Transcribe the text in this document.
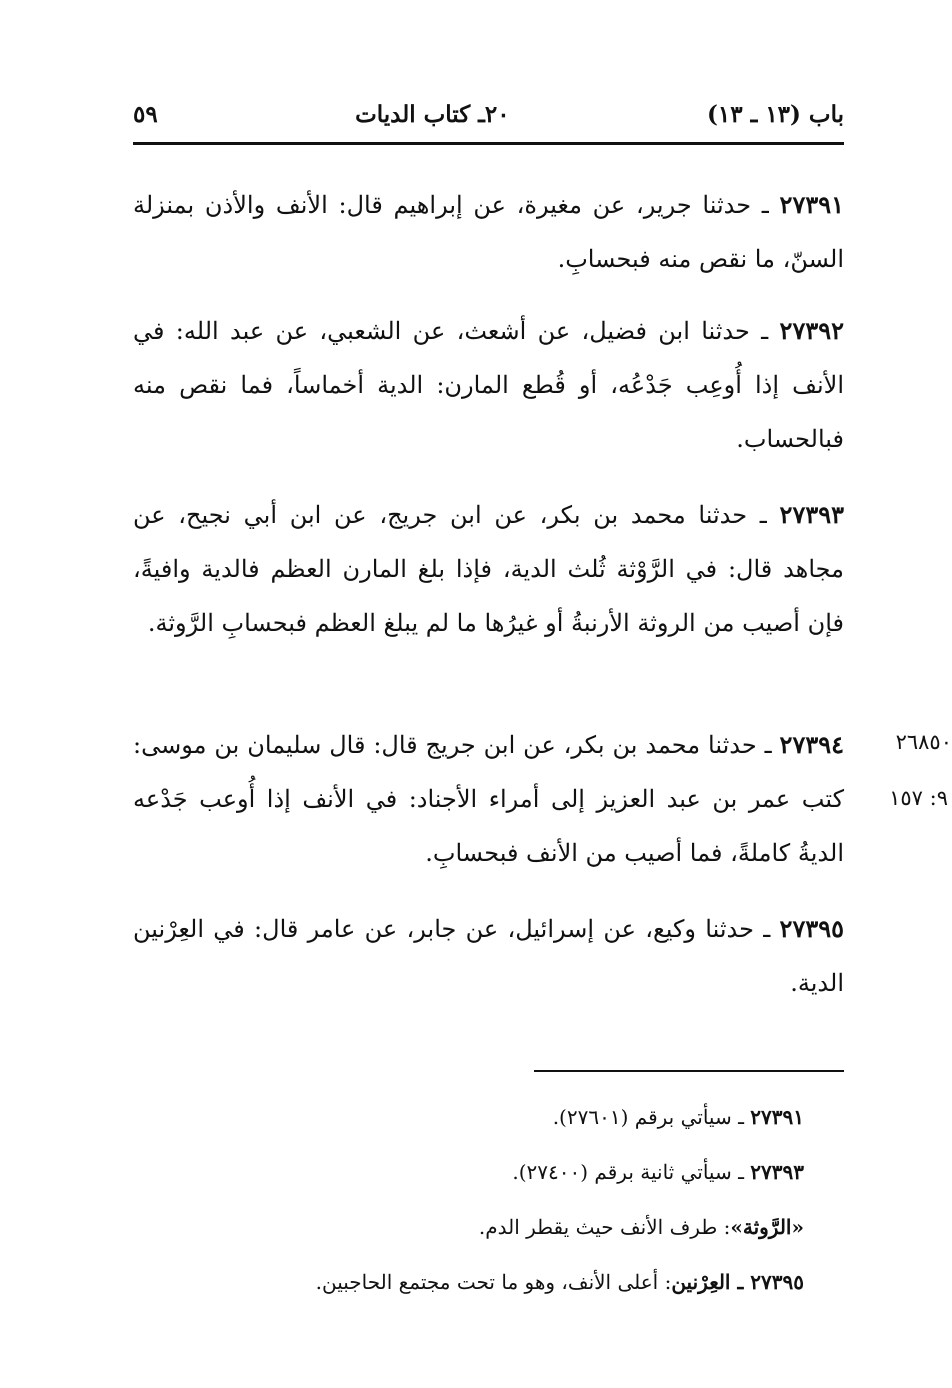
باب (١٣ ـ ١٣)
٢٠ـ كتاب الديات
٥٩
٢٧٣٩١ ـ حدثنا جرير، عن مغيرة، عن إبراهيم قال: الأنف والأذن بمنزلة السنّ، ما نقص منه فبحسابِ.
٢٧٣٩٢ ـ حدثنا ابن فضيل، عن أشعث، عن الشعبي، عن عبد الله: في الأنف إذا أُوعِب جَدْعُه، أو قُطع المارن: الدية أخماساً، فما نقص منه فبالحساب.
٢٧٣٩٣ ـ حدثنا محمد بن بكر، عن ابن جريج، عن ابن أبي نجيح، عن مجاهد قال: في الرَّوْثة ثُلث الدية، فإذا بلغ المارن العظم فالدية وافيةً، فإن أصيب من الروثة الأرنبةُ أو غيرُها ما لم يبلغ العظم فبحسابِ الرَّوثة.
٢٧٣٩٤ ـ حدثنا محمد بن بكر، عن ابن جريج قال: قال سليمان بن موسى: كتب عمر بن عبد العزيز إلى أمراء الأجناد: في الأنف إذا أُوعب جَدْعه الديةُ كاملةً، فما أصيب من الأنف فبحسابِ.
٢٦٨٥٠
٩: ١٥٧
٢٧٣٩٥ ـ حدثنا وكيع، عن إسرائيل، عن جابر، عن عامر قال: في العِرْنين الدية.
٢٧٣٩١ ـ سيأتي برقم (٢٧٦٠١).
٢٧٣٩٣ ـ سيأتي ثانية برقم (٢٧٤٠٠).
«الرَّوثة»: طرف الأنف حيث يقطر الدم.
٢٧٣٩٥ ـ العِرْنين: أعلى الأنف، وهو ما تحت مجتمع الحاجبين.
